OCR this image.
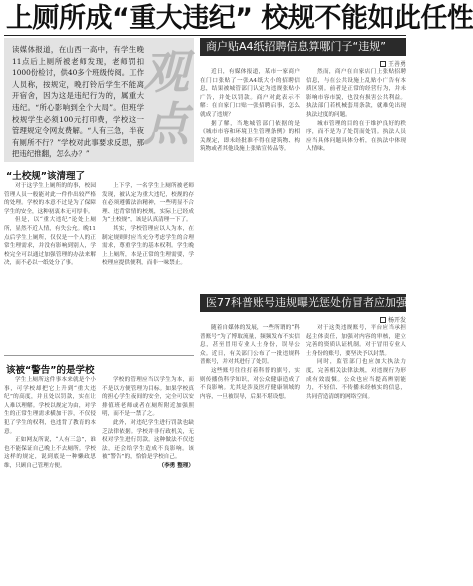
上厕所成“重大违纪” 校规不能如此任性
读媒体报道，在山西一高中，有学生晚11点后上厕所被老师发现，老师罚扣1000份检讨，供40多个班级传阅。工作人员称，按规定，晚打铃后学生不能离开宿舍，因为这是违纪行为的，属重大违纪。“所心影响到全个大局”。但班学校规学生必须100元打印费，学校这一管理规定令网友费解。“人有三急，半夜有厕所不行？”学校对此事要求反思，那把违纪推翻，怎么办？”
观点
“土校规”该清理了

对于这学生上厕所的的事，校园管理人员一般能对此一件作出较严格的处理。学校的本意不过是为了保障学生的安全，这种初衷本无可厚非。

但是，以“重大违纪”论处上厕所，显然不近人情，有失公允。晚11点后学生上厕所，仅仅是一个人的正常生理需求，并没有影响到别人，学校完全可以通过加强管理的办法来解决，而不必以一纸处分了事。

上下学，一名学生上厕所被老师发现，被认定为重大违纪，校规的存在必须遵循法治精神，一些明显不合理、违背常情的校规，实际上已经成为“土校规”，该是认真清理一下了。

其实，学校管理应以人为本，在制定规则时应当充分考虑学生的合理需求，尊重学生的基本权利。学生晚上上厕所，本是正常的生理需要，学校理应提供便利，而非一味禁止。

该被“警告”的是学校

学生上厕所这件事本来就是个小事，可学校却把它上升到“重大违纪”的高度，并且处以罚款，实在让人难以理解。学校以规定为由，对学生的正常生理需求横加干涉，不仅侵犯了学生的权利，也违背了教育的本意。

正如网友所说，“人有三急”，谁也不能保证自己晚上不去厕所。学校这样的规定，说到底是一种懒政思维，只顾自己管理方便。

学校的管理应当以学生为本，而不是以方便管理为目标。如果学校真的担心学生夜间的安全，完全可以安排值班老师或者在厕所附近加强照明，而不是一禁了之。

此外，对违纪学生进行罚款也缺乏法律依据。学校并非行政机关，无权对学生进行罚款。这种做法不仅违法，还会给学生造成不良影响。该被“警告”的，恰恰是学校自己。

（李勇 整理）
商户贴A4纸招聘信息算哪门子“违规”
王善勇

近日，有媒体报道，某市一家商户在门口张贴了一张A4纸大小的招聘信息，结果被城管部门认定为违规张贴小广告，并处以罚款。商户对此表示不解：在自家门口贴一张招聘启事，怎么就成了违规？

据了解，当地城管部门依据的是《城市市容和环境卫生管理条例》的相关规定，即未经批准不得在建筑物、构筑物或者其他设施上张贴宣传品等。

然而，商户在自家店门上张贴招聘信息，与在公共设施上乱贴小广告有本质区别。前者是正常的经营行为，并未影响市容市貌，也没有损害公共利益。执法部门若机械套用条款，就难免出现执法过度的问题。

城市管理的目的在于维护良好的秩序，而不是为了处罚而处罚。执法人员应当具体问题具体分析，在执法中体现人情味。

医77科普账号违规曝光惩处仿冒者应加强治理
杨开发

随着自媒体的发展，一些所谓的“科普账号”为了博取流量，频频发布不实信息，甚至冒用专业人士身份，误导公众。近日，有关部门公布了一批违规科普账号，并对其进行了处罚。

这些账号往往打着科普的旗号，实则传播伪科学知识，对公众健康造成了不良影响。尤其是涉及医疗健康领域的内容，一旦被误导，后果不堪设想。

对于这类违规账号，平台应当承担起主体责任，加强对内容的审核，建立完善的资质认证机制。对于冒用专业人士身份的账号，要坚决予以封禁。

同时，监管部门也应加大执法力度，完善相关法律法规，对违规行为形成有效震慑。公众也应当提高辨别能力，不轻信、不传播未经核实的信息，共同营造清朗的网络空间。
